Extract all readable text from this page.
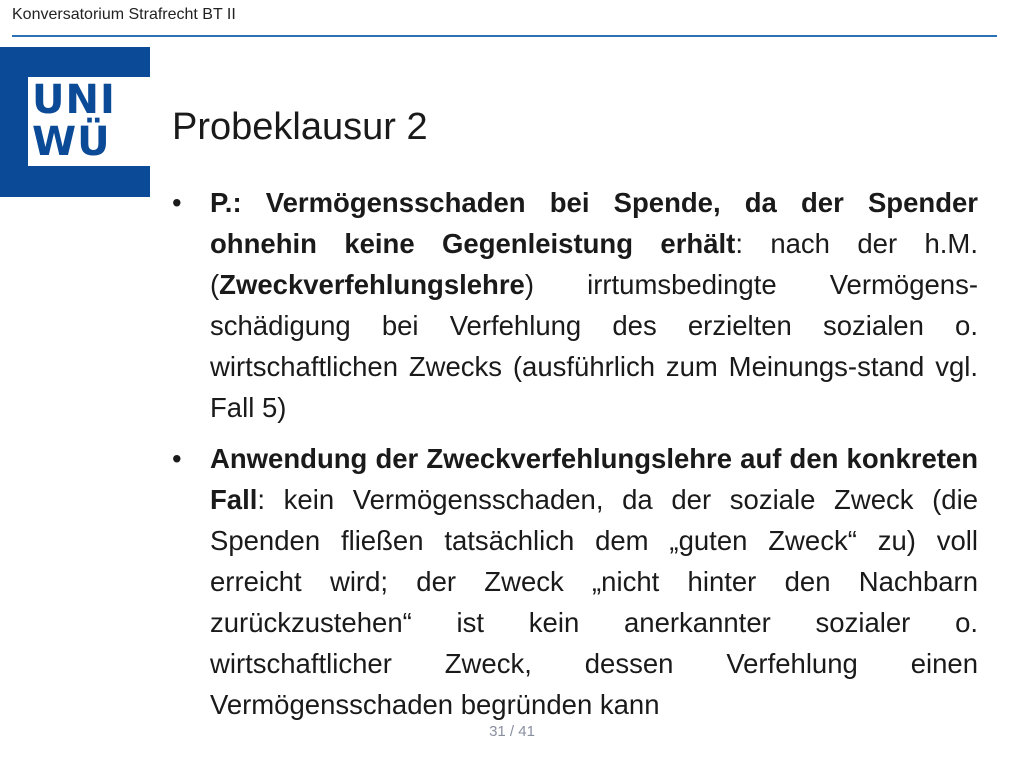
Konversatorium Strafrecht BT II
UNI
WÜ	Probeklausur 2
•	P.: Vermögensschaden bei Spende, da der Spender ohnehin keine Gegenleistung erhält: nach der h.M. (Zweckverfehlungslehre) irrtumsbedingte Vermögens-schädigung bei Verfehlung des erzielten sozialen o. wirtschaftlichen Zwecks (ausführlich zum Meinungs-stand vgl. Fall 5)
•	Anwendung der Zweckverfehlungslehre auf den konkreten Fall: kein Vermögensschaden, da der soziale Zweck (die Spenden fließen tatsächlich dem „guten Zweck“ zu) voll erreicht wird; der Zweck „nicht hinter den Nachbarn zurückzustehen“ ist kein anerkannter sozialer o. wirtschaftlicher Zweck, dessen Verfehlung einen Vermögensschaden begründen kann
31 / 41
